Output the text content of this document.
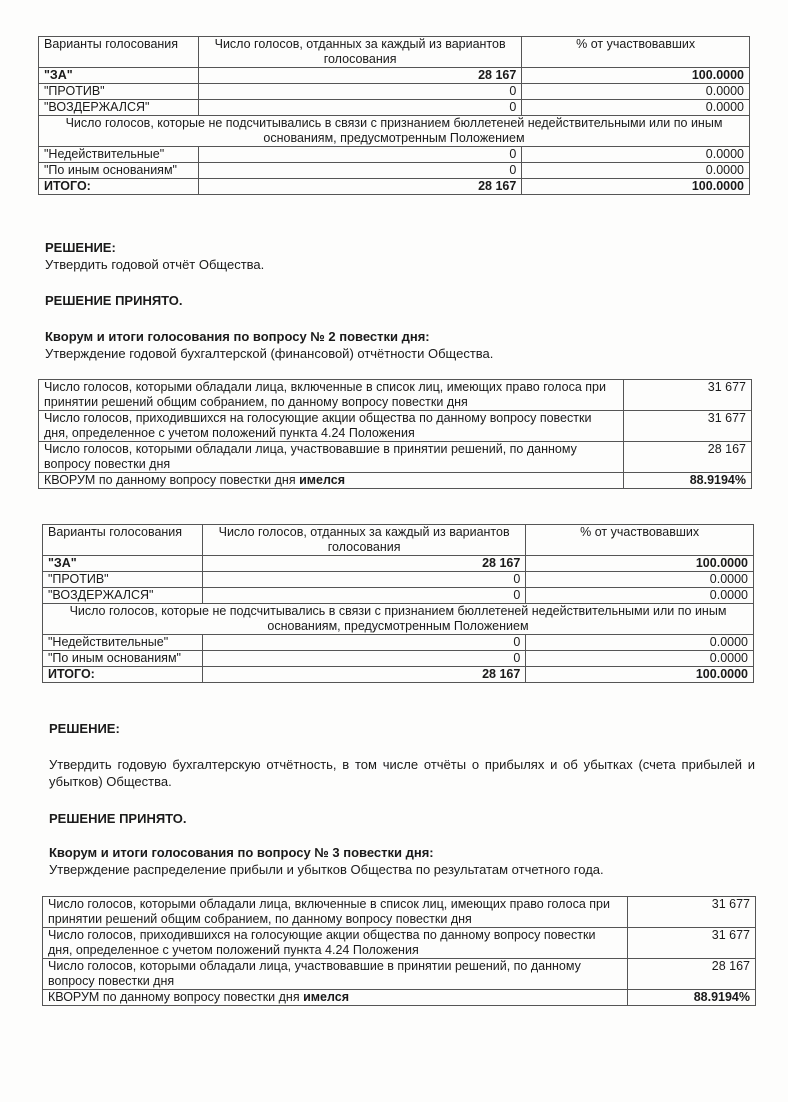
Варианты голосования	Число голосов, отданных за каждый из вариантов голосования	% от участвовавших
"ЗА"	28 167	100.0000
"ПРОТИВ"	0	0.0000
"ВОЗДЕРЖАЛСЯ"	0	0.0000
Число голосов, которые не подсчитывались в связи с признанием бюллетеней недействительными или по иным основаниям, предусмотренным Положением		
"Недействительные"	0	0.0000
"По иным основаниям"	0	0.0000
ИТОГО:	28 167	100.0000
РЕШЕНИЕ:
Утвердить годовой отчёт Общества.
РЕШЕНИЕ ПРИНЯТО.
Кворум и итоги голосования по вопросу № 2 повестки дня:
Утверждение годовой бухгалтерской (финансовой) отчётности Общества.
Число голосов, которыми обладали лица, включенные в список лиц, имеющих право голоса при принятии решений общим собранием, по данному вопросу повестки дня	31 677
Число голосов, приходившихся на голосующие акции общества по данному вопросу повестки дня, определенное с учетом положений пункта 4.24 Положения	31 677
Число голосов, которыми обладали лица, участвовавшие в принятии решений, по данному вопросу повестки дня	28 167
КВОРУМ по данному вопросу повестки дня имелся	88.9194%
Варианты голосования	Число голосов, отданных за каждый из вариантов голосования	% от участвовавших
"ЗА"	28 167	100.0000
"ПРОТИВ"	0	0.0000
"ВОЗДЕРЖАЛСЯ"	0	0.0000
Число голосов, которые не подсчитывались в связи с признанием бюллетеней недействительными или по иным основаниям, предусмотренным Положением		
"Недействительные"	0	0.0000
"По иным основаниям"	0	0.0000
ИТОГО:	28 167	100.0000
РЕШЕНИЕ:
Утвердить годовую бухгалтерскую отчётность, в том числе отчёты о прибылях и об убытках (счета прибылей и убытков) Общества.
РЕШЕНИЕ ПРИНЯТО.
Кворум и итоги голосования по вопросу № 3 повестки дня:
Утверждение распределение прибыли и убытков Общества по результатам отчетного года.
Число голосов, которыми обладали лица, включенные в список лиц, имеющих право голоса при принятии решений общим собранием, по данному вопросу повестки дня	31 677
Число голосов, приходившихся на голосующие акции общества по данному вопросу повестки дня, определенное с учетом положений пункта 4.24 Положения	31 677
Число голосов, которыми обладали лица, участвовавшие в принятии решений, по данному вопросу повестки дня	28 167
КВОРУМ по данному вопросу повестки дня имелся	88.9194%
